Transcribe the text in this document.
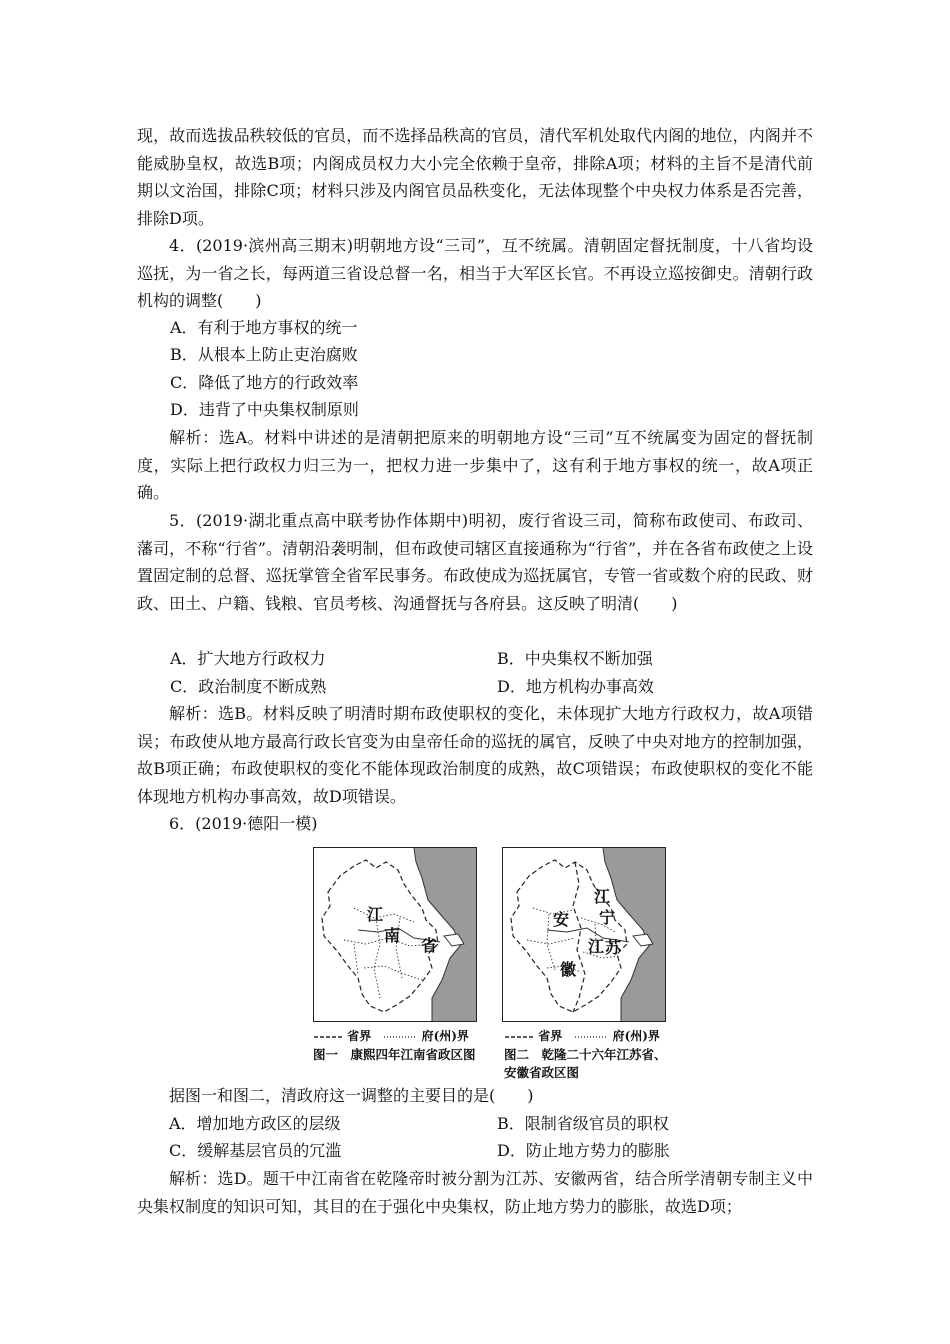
现，故而选拔品秩较低的官员，而不选择品秩高的官员，清代军机处取代内阁的地位，内阁并不能威胁皇权，故选B项；内阁成员权力大小完全依赖于皇帝，排除A项；材料的主旨不是清代前期以文治国，排除C项；材料只涉及内阁官员品秩变化，无法体现整个中央权力体系是否完善，排除D项。

4．(2019·滨州高三期末)明朝地方设“三司”，互不统属。清朝固定督抚制度，十八省均设巡抚，为一省之长，每两道三省设总督一名，相当于大军区长官。不再设立巡按御史。清朝行政机构的调整(　　)

A．有利于地方事权的统一

B．从根本上防止吏治腐败

C．降低了地方的行政效率

D．违背了中央集权制原则

解析：选A。材料中讲述的是清朝把原来的明朝地方设“三司”互不统属变为固定的督抚制度，实际上把行政权力归三为一，把权力进一步集中了，这有利于地方事权的统一，故A项正确。

5．(2019·湖北重点高中联考协作体期中)明初，废行省设三司，简称布政使司、布政司、藩司，不称“行省”。清朝沿袭明制，但布政使司辖区直接通称为“行省”，并在各省布政使之上设置固定制的总督、巡抚掌管全省军民事务。布政使成为巡抚属官，专管一省或数个府的民政、财政、田土、户籍、钱粮、官员考核、沟通督抚与各府县。这反映了明清(　　)

A．扩大地方行政权力	B．中央集权不断加强

C．政治制度不断成熟	D．地方机构办事高效

解析：选B。材料反映了明清时期布政使职权的变化，未体现扩大地方行政权力，故A项错误；布政使从地方最高行政长官变为由皇帝任命的巡抚的属官，反映了中央对地方的控制加强，故B项正确；布政使职权的变化不能体现政治制度的成熟，故C项错误；布政使职权的变化不能体现地方机构办事高效，故D项错误。

6．(2019·德阳一模)

江
南
省
江
宁
安
江 苏
徽
省界	府(州)界	省界	府(州)界
图一　康熙四年江南省政区图 图二　乾隆二十六年江苏省、
安徽省政区图

据图一和图二，清政府这一调整的主要目的是(　　)

A．增加地方政区的层级	B．限制省级官员的职权

C．缓解基层官员的冗滥	D．防止地方势力的膨胀

解析：选D。题干中江南省在乾隆帝时被分割为江苏、安徽两省，结合所学清朝专制主义中央集权制度的知识可知，其目的在于强化中央集权，防止地方势力的膨胀，故选D项；
